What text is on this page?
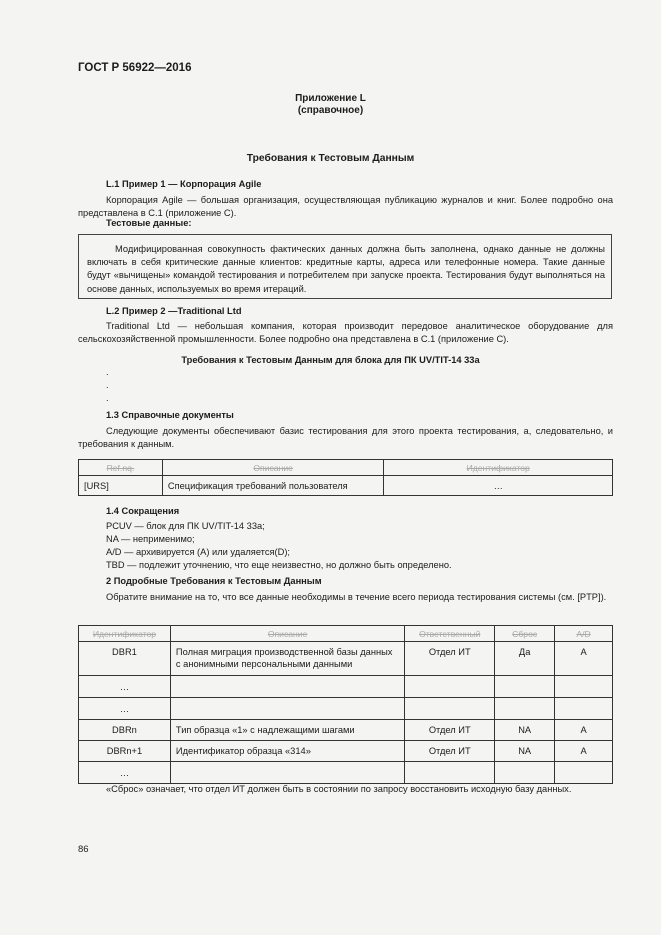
ГОСТ Р 56922—2016
Приложение L
(справочное)
Требования к Тестовым Данным
L.1 Пример 1 — Корпорация Agile
Корпорация Agile — большая организация, осуществляющая публикацию журналов и книг. Более подробно она представлена в С.1 (приложение С).
Тестовые данные:
Модифицированная совокупность фактических данных должна быть заполнена, однако данные не должны включать в себя критические данные клиентов: кредитные карты, адреса или телефонные номера. Такие данные будут «вычищены» командой тестирования и потребителем при запуске проекта. Тестирования будут выполняться на основе данных, используемых во время итераций.
L.2 Пример 2 —Traditional Ltd
Traditional Ltd — небольшая компания, которая производит передовое аналитическое оборудование для сельскохозяйственной промышленности. Более подробно она представлена в С.1 (приложение С).
Требования к Тестовым Данным для блока для ПК UV/TIT-14 33а
.
.
.
1.3 Справочные документы
Следующие документы обеспечивают базис тестирования для этого проекта тестирования, а, следовательно, и требования к данным.
Ref.nq.	Описание	Идентификатор
[URS]	Спецификация требований пользователя	…
1.4 Сокращения
PCUV — блок для ПК UV/TIT-14 33а;
NA — неприменимо;
A/D — архивируется (А) или удаляется(D);
TBD — подлежит уточнению, что еще неизвестно, но должно быть определено.
2 Подробные Требования к Тестовым Данным
Обратите внимание на то, что все данные необходимы в течение всего периода тестирования системы (см. [PTP]).
Идентификатор	Описание	Ответственный	Сброс	A/D
DBR1	Полная миграция производственной базы данных с анонимными персональными данными	Отдел ИТ	Да	А
…				
…				
DBRn	Тип образца «1» с надлежащими шагами	Отдел ИТ	NA	А
DBRn+1	Идентификатор образца «314»	Отдел ИТ	NA	А
…				
«Сброс» означает, что отдел ИТ должен быть в состоянии по запросу восстановить исходную базу данных.
86
